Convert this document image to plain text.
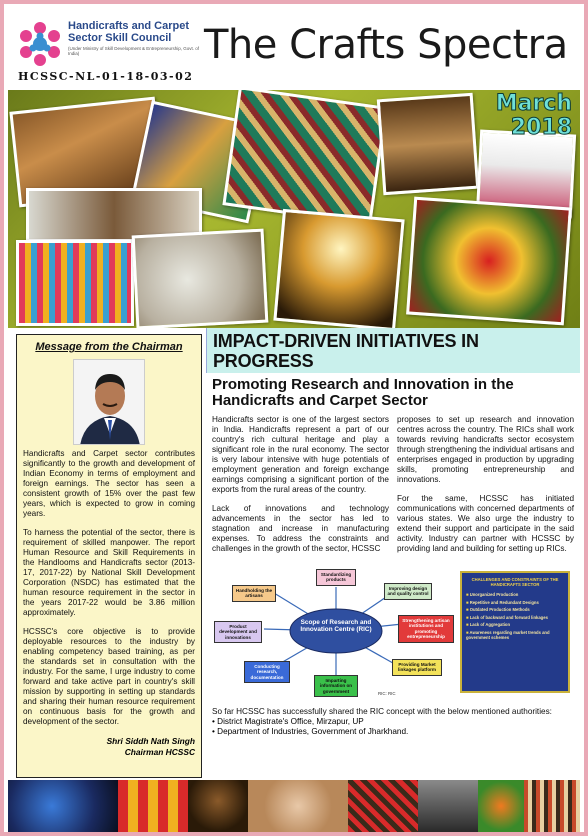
Handicrafts and Carpet Sector Skill Council
(Under Ministry of Skill Development & Entrepreneurship, Govt. of India)
HCSSC-NL-01-18-03-02
The Crafts Spectra
March
2018
Message from the Chairman
Handicrafts and Carpet sector contributes significantly to the growth and development of Indian Economy in terms of employment and foreign earnings. The sector has seen a consistent growth of 15% over the past few years, which is expected to grow in coming years.
To harness the potential of the sector, there is requirement of skilled manpower. The report Human Resource and Skill Requirements in the Handlooms and Handicrafts sector (2013-17, 2017-22) by National Skill Development Corporation (NSDC) has estimated that the human resource requirement in the sector in the years 2017-22 would be 3.86 million approximately.
HCSSC's core objective is to provide deployable resources to the industry by enabling competency based training, as per the standards set in consultation with the industry. For the same, I urge industry to come forward and take active part in country's skill mission by supporting in setting up standards and sharing their human resource requirement on continuous basis for the growth and development of the sector.
Shri Siddh Nath Singh
Chairman HCSSC
IMPACT-DRIVEN INITIATIVES IN PROGRESS
Promoting Research and Innovation in the Handicrafts and Carpet Sector
Handicrafts sector is one of the largest sectors in India. Handicrafts represent a part of our country's rich cultural heritage and play a significant role in the rural economy. The sector is very labour intensive with huge potentials of employment generation and foreign exchange earnings comprising a significant portion of the exports from the rural areas of the country.
Lack of innovations and technology advancements in the sector has led to stagnation and increase in manufacturing expenses. To address the constraints and challenges in the growth of the sector, HCSSC
proposes to set up research and innovation centres across the country. The RICs shall work towards reviving handicrafts sector ecosystem through strengthening the individual artisans and enterprises engaged in production by upgrading skills, promoting entrepreneurship and innovations.
For the same, HCSSC has initiated communications with concerned departments of various states. We also urge the industry to extend their support and participate in the said activity. Industry can partner with HCSSC by providing land and building for setting up RICs.
Scope of Research and Innovation Centre (RIC)
Standardizing products
Improving design and quality control
Strengthening artisan institutions and promoting entrepreneurship
Providing Market linkages platform
Imparting information on government
Conducting research, documentation
Product development and innovations
Handholding the artisans
RIC: RIC

CHALLENGES AND CONSTRAINTS OF THE HANDICRAFTS SECTOR

■ Unorganized Production
■ Repetitive and Redundant Designs
■ Outdated Production Methods
■ Lack of backward and forward linkages
■ Lack of Aggregation
■ Awareness regarding market trends and government schemes
So far HCSSC has successfully shared the RIC concept with the below mentioned authorities:
• District Magistrate's Office, Mirzapur, UP
• Department of Industries, Government of Jharkhand.
